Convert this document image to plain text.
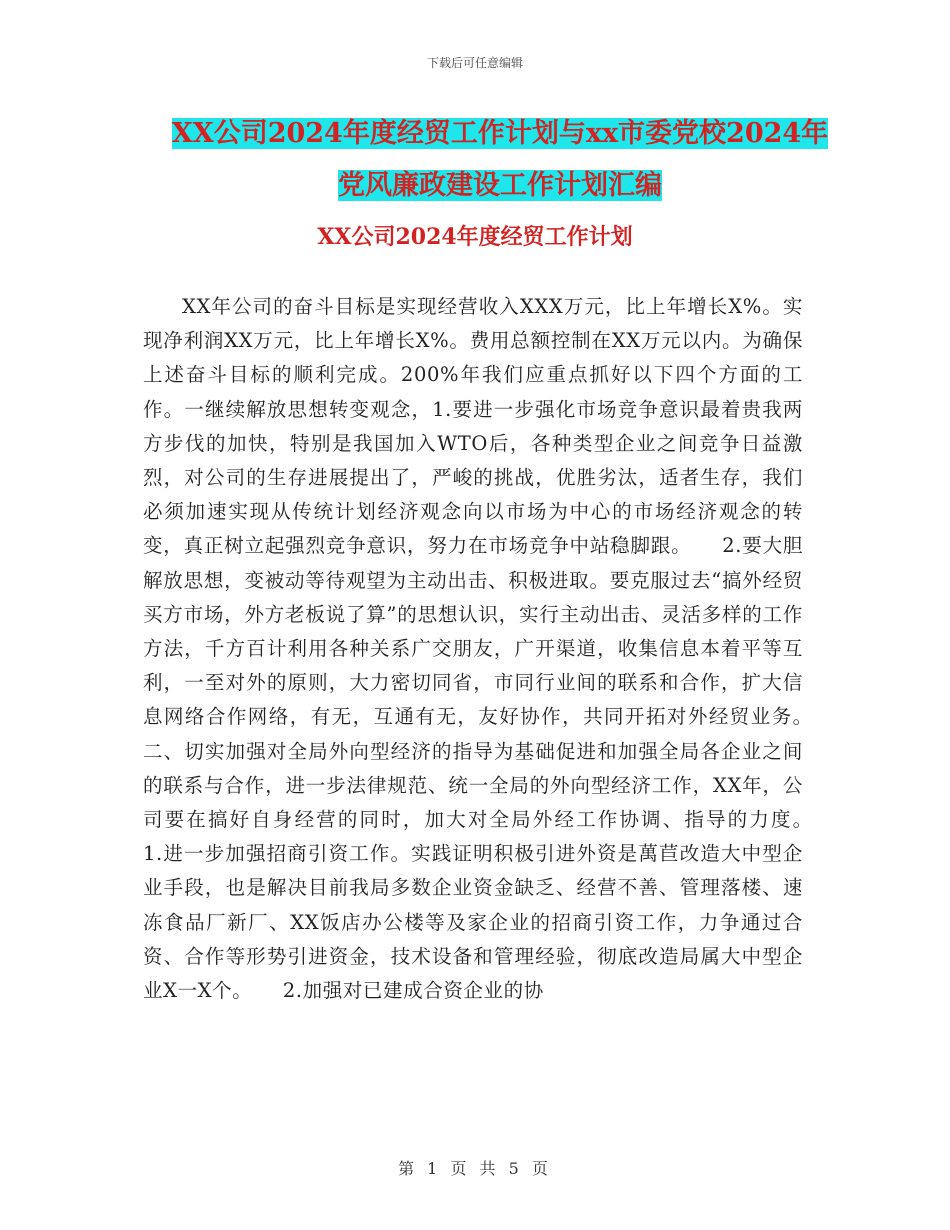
下载后可任意编辑
XX公司2024年度经贸工作计划与xx市委党校2024年
党风廉政建设工作计划汇编
XX公司2024年度经贸工作计划

XX年公司的奋斗目标是实现经营收入XXX万元，比上年增长X%。实现净利润XX万元，比上年增长X%。费用总额控制在XX万元以内。为确保上述奋斗目标的顺利完成。200%年我们应重点抓好以下四个方面的工作。一继续解放思想转变观念，1.要进一步强化市场竞争意识最着贵我两方步伐的加快，特别是我国加入WTO后，各种类型企业之间竞争日益激烈，对公司的生存进展提出了，严峻的挑战，优胜劣汰，适者生存，我们必须加速实现从传统计划经济观念向以市场为中心的市场经济观念的转变，真正树立起强烈竞争意识，努力在市场竞争中站稳脚跟。　　2.要大胆解放思想，变被动等待观望为主动出击、积极进取。要克服过去“搞外经贸买方市场，外方老板说了算”的思想认识，实行主动出击、灵活多样的工作方法，千方百计利用各种关系广交朋友，广开渠道，收集信息本着平等互利，一至对外的原则，大力密切同省，市同行业间的联系和合作，扩大信息网络合作网络，有无，互通有无，友好协作，共同开拓对外经贸业务。　　二、切实加强对全局外向型经济的指导为基础促进和加强全局各企业之间的联系与合作，进一步法律规范、统一全局的外向型经济工作，XX年，公司要在搞好自身经营的同时，加大对全局外经工作协调、指导的力度。　　1.进一步加强招商引资工作。实践证明积极引进外资是萬苣改造大中型企业手段，也是解决目前我局多数企业资金缺乏、经营不善、管理落楼、速冻食品厂新厂、XX饭店办公楼等及家企业的招商引资工作，力争通过合资、合作等形势引进资金，技术设备和管理经验，彻底改造局属大中型企业X一X个。　　2.加强对已建成合资企业的协

第 1 页 共 5 页
